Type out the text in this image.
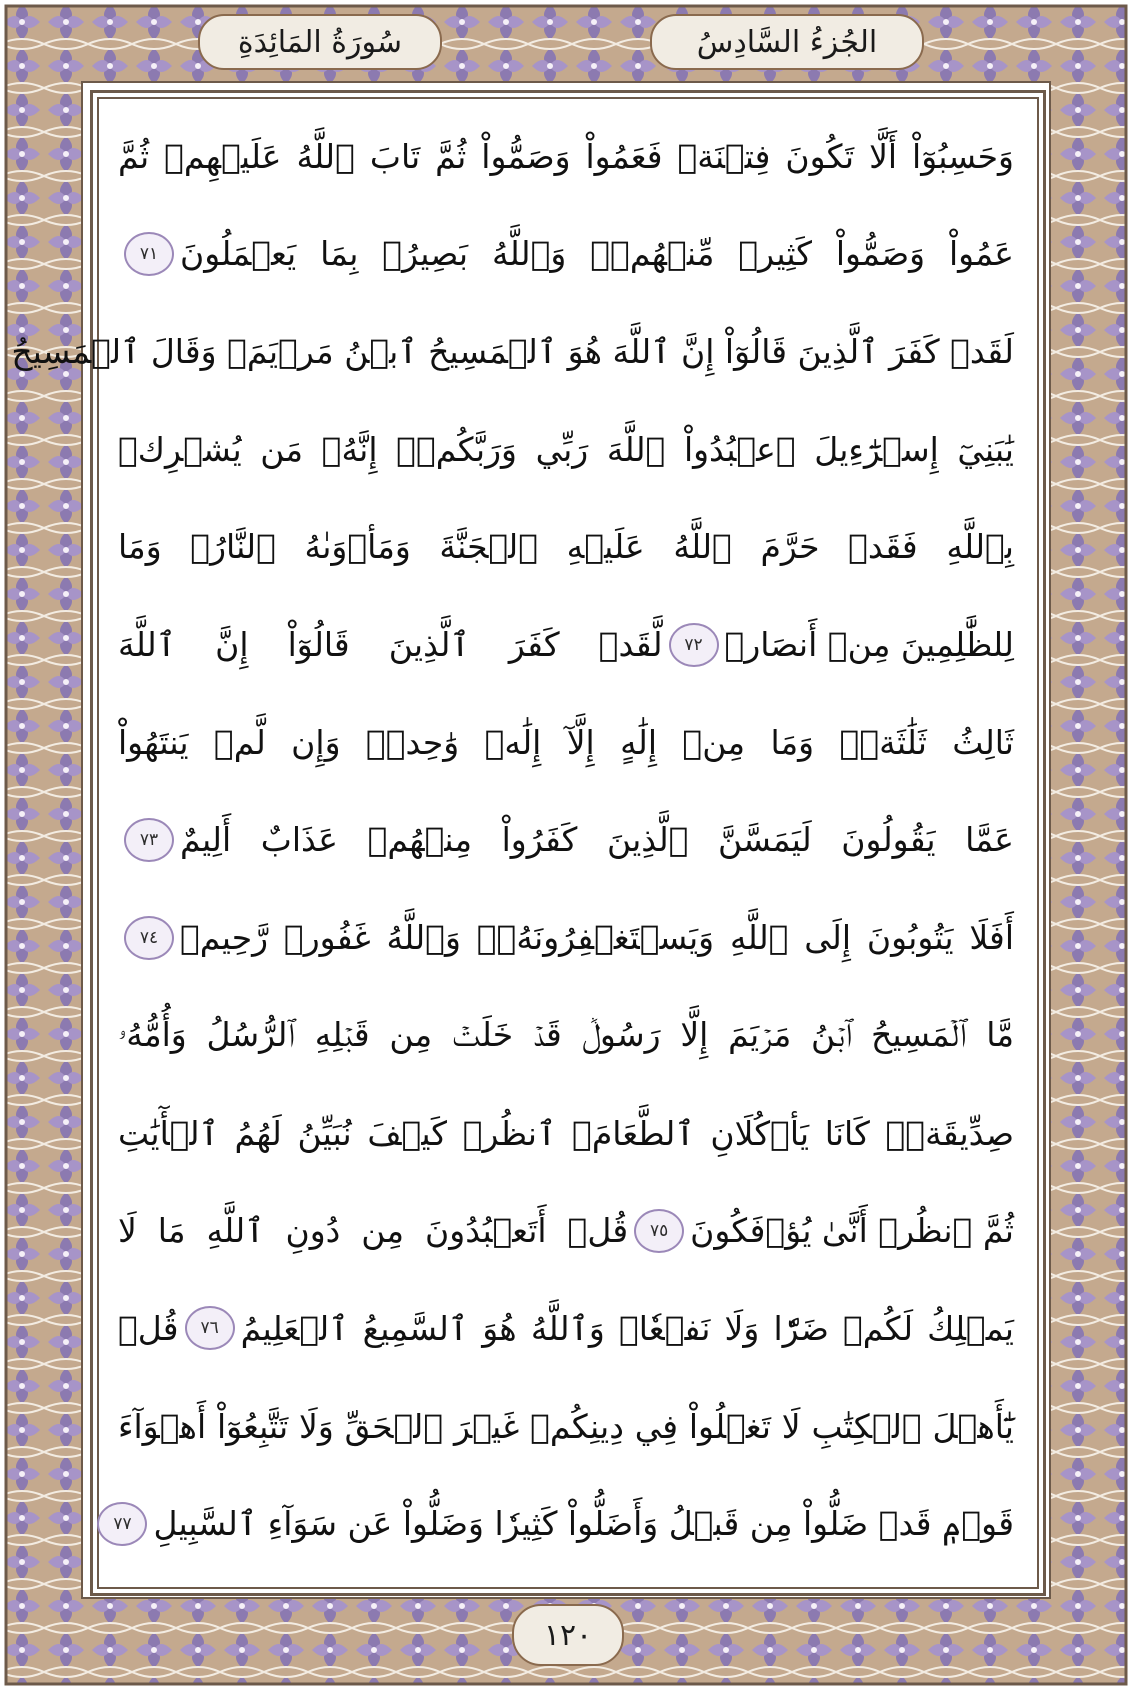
سُورَةُ المَائِدَةِ	الجُزءُ السَّادِسُ
وَحَسِبُوٓاْ أَلَّا تَكُونَ فِتۡنَةٞ فَعَمُواْ وَصَمُّواْ ثُمَّ تَابَ ٱللَّهُ عَلَيۡهِمۡ ثُمَّ
عَمُواْ وَصَمُّواْ كَثِيرٞ مِّنۡهُمۡۚ وَٱللَّهُ بَصِيرُۢ بِمَا يَعۡمَلُونَ
٧١
لَقَدۡ كَفَرَ ٱلَّذِينَ قَالُوٓاْ إِنَّ ٱللَّهَ هُوَ ٱلۡمَسِيحُ ٱبۡنُ مَرۡيَمَۖ وَقَالَ ٱلۡمَسِيحُ
يَٰبَنِيٓ إِسۡرَٰٓءِيلَ ٱعۡبُدُواْ ٱللَّهَ رَبِّي وَرَبَّكُمۡۖ إِنَّهُۥ مَن يُشۡرِكۡ
بِٱللَّهِ فَقَدۡ حَرَّمَ ٱللَّهُ عَلَيۡهِ ٱلۡجَنَّةَ وَمَأۡوَىٰهُ ٱلنَّارُۖ وَمَا
لِلظَّٰلِمِينَ مِنۡ أَنصَارٖ
٧٢
لَّقَدۡ كَفَرَ ٱلَّذِينَ قَالُوٓاْ إِنَّ ٱللَّهَ
ثَالِثُ ثَلَٰثَةٖۘ وَمَا مِنۡ إِلَٰهٍ إِلَّآ إِلَٰهٞ وَٰحِدٞۚ وَإِن لَّمۡ يَنتَهُواْ
عَمَّا يَقُولُونَ لَيَمَسَّنَّ ٱلَّذِينَ كَفَرُواْ مِنۡهُمۡ عَذَابٌ أَلِيمٌ
٧٣
أَفَلَا يَتُوبُونَ إِلَى ٱللَّهِ وَيَسۡتَغۡفِرُونَهُۥۚ وَٱللَّهُ غَفُورٞ رَّحِيمٞ
٧٤
مَّا ٱلۡمَسِيحُ ٱبۡنُ مَرۡيَمَ إِلَّا رَسُولٞ قَدۡ خَلَتۡ مِن قَبۡلِهِ ٱلرُّسُلُ وَأُمُّهُۥ
صِدِّيقَةٞۖ كَانَا يَأۡكُلَانِ ٱلطَّعَامَۗ ٱنظُرۡ كَيۡفَ نُبَيِّنُ لَهُمُ ٱلۡأٓيَٰتِ
ثُمَّ ٱنظُرۡ أَنَّىٰ يُؤۡفَكُونَ
٧٥
قُلۡ أَتَعۡبُدُونَ مِن دُونِ ٱللَّهِ مَا لَا
يَمۡلِكُ لَكُمۡ ضَرّٗا وَلَا نَفۡعٗاۚ وَٱللَّهُ هُوَ ٱلسَّمِيعُ ٱلۡعَلِيمُ
٧٦
قُلۡ
يَٰٓأَهۡلَ ٱلۡكِتَٰبِ لَا تَغۡلُواْ فِي دِينِكُمۡ غَيۡرَ ٱلۡحَقِّ وَلَا تَتَّبِعُوٓاْ أَهۡوَآءَ
قَوۡمٖ قَدۡ ضَلُّواْ مِن قَبۡلُ وَأَضَلُّواْ كَثِيرٗا وَضَلُّواْ عَن سَوَآءِ ٱلسَّبِيلِ
٧٧
١٢٠
